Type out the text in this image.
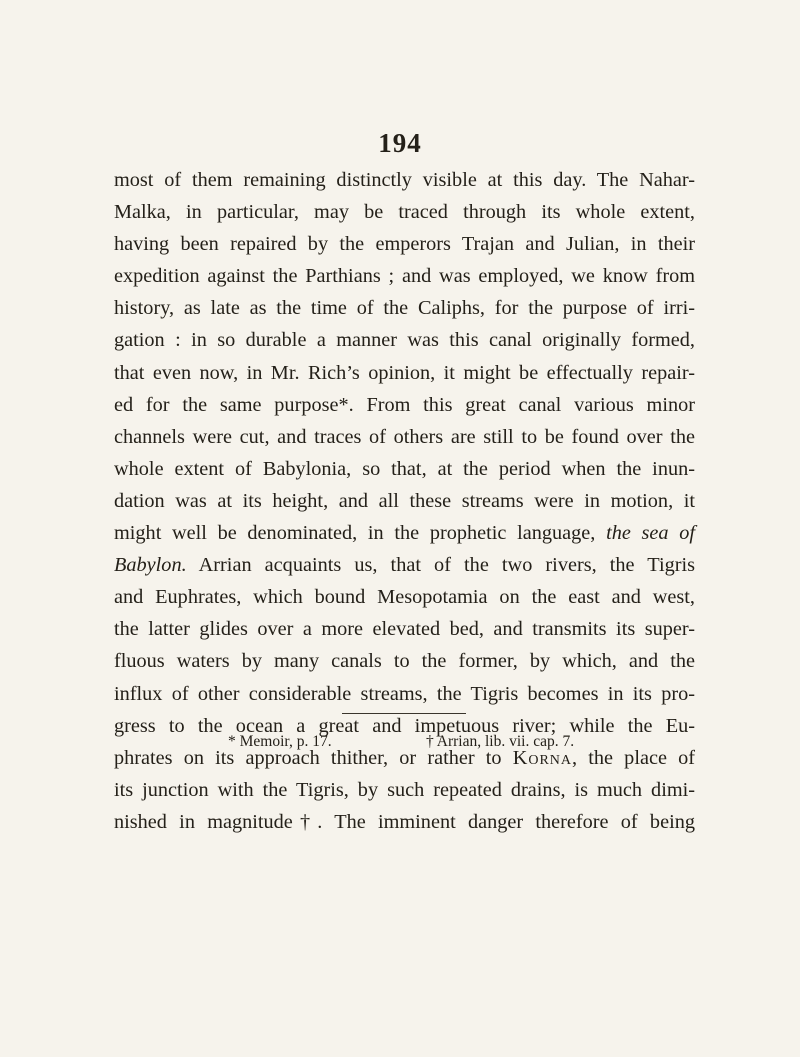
194
most of them remaining distinctly visible at this day. The Nahar-
Malka, in particular, may be traced through its whole extent,
having been repaired by the emperors Trajan and Julian, in their
expedition against the Parthians ; and was employed, we know from
history, as late as the time of the Caliphs, for the purpose of irri-
gation : in so durable a manner was this canal originally formed,
that even now, in Mr. Rich’s opinion, it might be effectually repair-
ed for the same purpose*. From this great canal various minor
channels were cut, and traces of others are still to be found over the
whole extent of Babylonia, so that, at the period when the inun-
dation was at its height, and all these streams were in motion, it
might well be denominated, in the prophetic language, the sea of
Babylon. Arrian acquaints us, that of the two rivers, the Tigris
and Euphrates, which bound Mesopotamia on the east and west,
the latter glides over a more elevated bed, and transmits its super-
fluous waters by many canals to the former, by which, and the
influx of other considerable streams, the Tigris becomes in its pro-
gress to the ocean a great and impetuous river; while the Eu-
phrates on its approach thither, or rather to Korna, the place of
its junction with the Tigris, by such repeated drains, is much dimi-
nished in magnitude†. The imminent danger therefore of being
* Memoir, p. 17.	† Arrian, lib. vii. cap. 7.
